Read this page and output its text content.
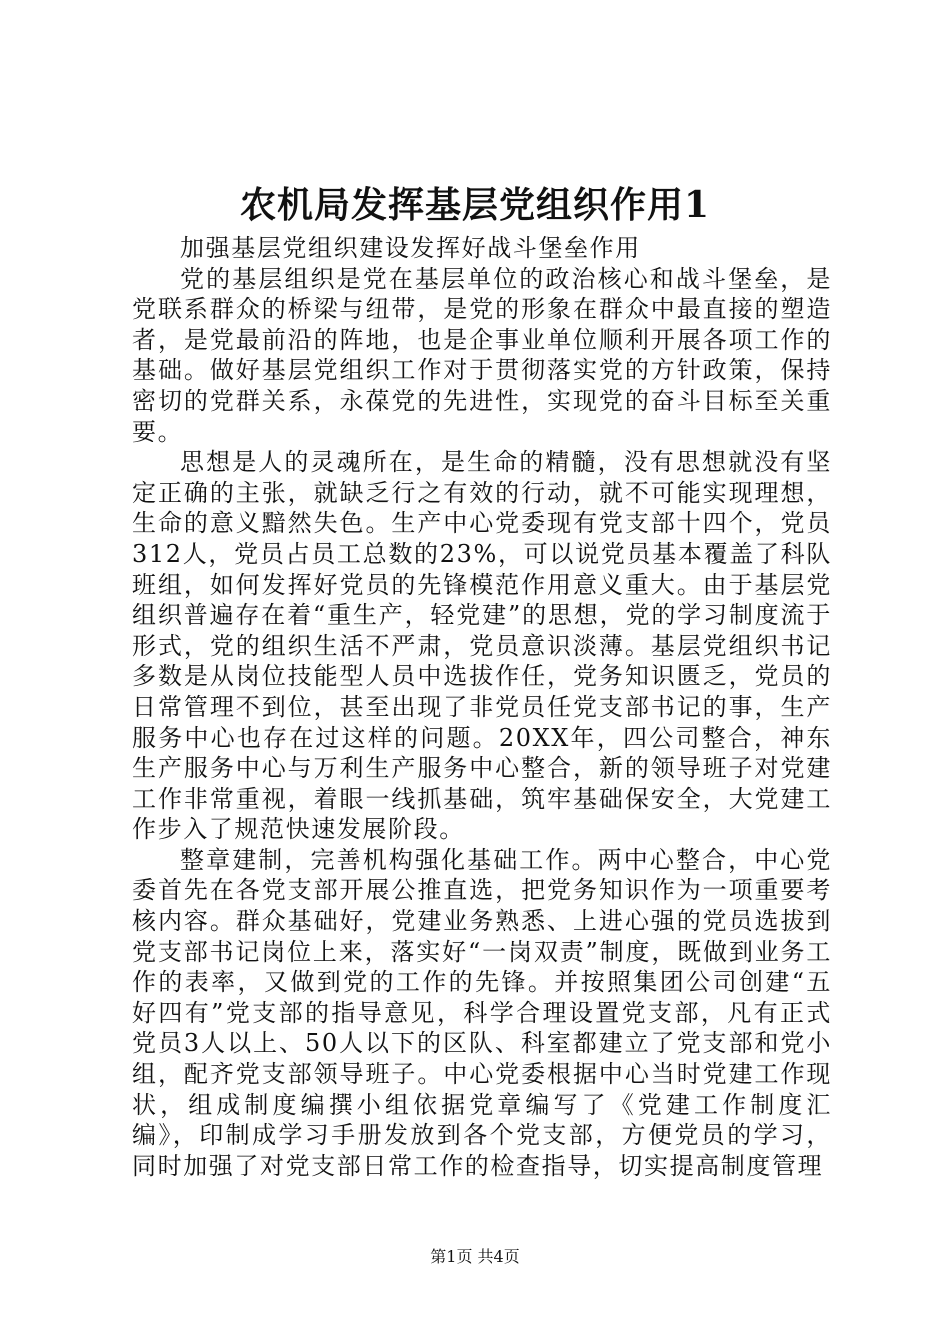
农机局发挥基层党组织作用1

加强基层党组织建设发挥好战斗堡垒作用

党的基层组织是党在基层单位的政治核心和战斗堡垒，是党联系群众的桥梁与纽带，是党的形象在群众中最直接的塑造者，是党最前沿的阵地，也是企事业单位顺利开展各项工作的基础。做好基层党组织工作对于贯彻落实党的方针政策，保持密切的党群关系，永葆党的先进性，实现党的奋斗目标至关重要。

思想是人的灵魂所在，是生命的精髓，没有思想就没有坚定正确的主张，就缺乏行之有效的行动，就不可能实现理想，生命的意义黯然失色。生产中心党委现有党支部十四个，党员312人，党员占员工总数的23%，可以说党员基本覆盖了科队班组，如何发挥好党员的先锋模范作用意义重大。由于基层党组织普遍存在着“重生产，轻党建”的思想，党的学习制度流于形式，党的组织生活不严肃，党员意识淡薄。基层党组织书记多数是从岗位技能型人员中选拔作任，党务知识匮乏，党员的日常管理不到位，甚至出现了非党员任党支部书记的事，生产服务中心也存在过这样的问题。20XX年，四公司整合，神东生产服务中心与万利生产服务中心整合，新的领导班子对党建工作非常重视，着眼一线抓基础，筑牢基础保安全，大党建工作步入了规范快速发展阶段。

整章建制，完善机构强化基础工作。两中心整合，中心党委首先在各党支部开展公推直选，把党务知识作为一项重要考核内容。群众基础好，党建业务熟悉、上进心强的党员选拔到党支部书记岗位上来，落实好“一岗双责”制度，既做到业务工作的表率，又做到党的工作的先锋。并按照集团公司创建“五好四有”党支部的指导意见，科学合理设置党支部，凡有正式党员3人以上、50人以下的区队、科室都建立了党支部和党小组，配齐党支部领导班子。中心党委根据中心当时党建工作现状，组成制度编撰小组依据党章编写了《党建工作制度汇编》，印制成学习手册发放到各个党支部，方便党员的学习，同时加强了对党支部日常工作的检查指导，切实提高制度管理

第1页 共4页
